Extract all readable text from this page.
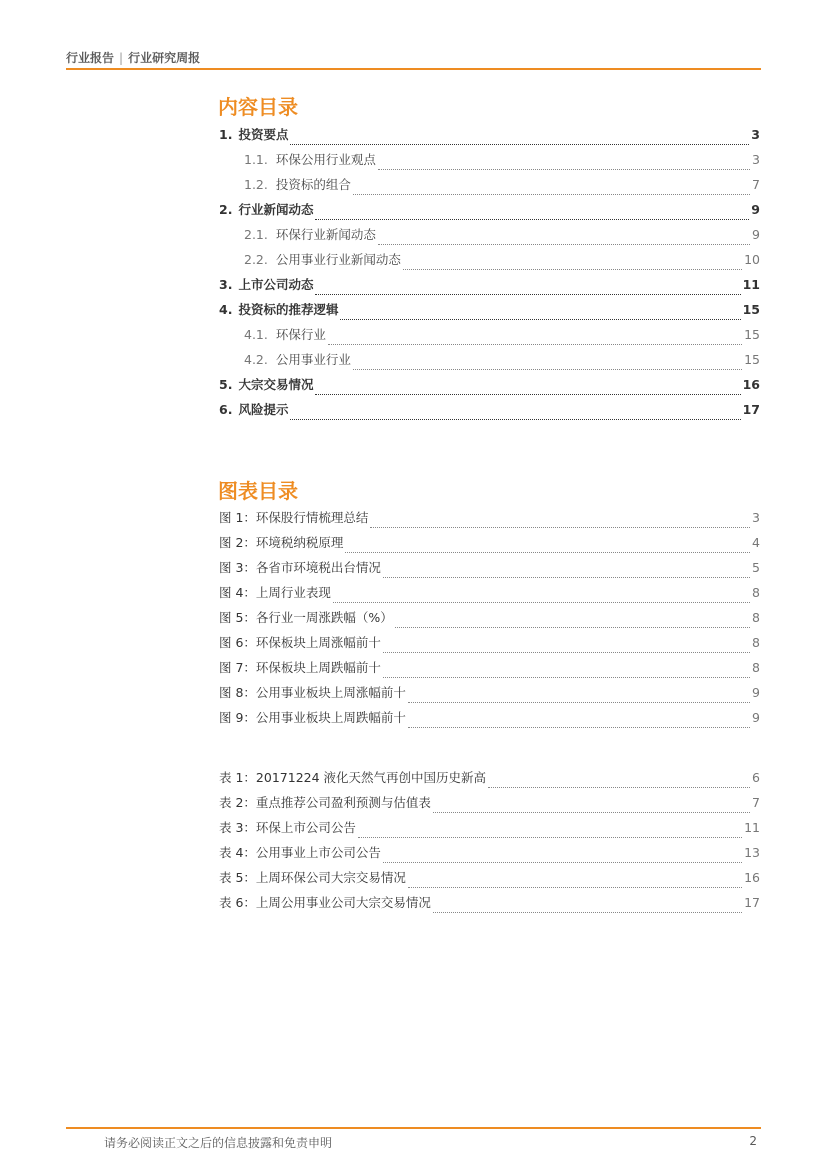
行业报告 | 行业研究周报
内容目录
1. 投资要点	3
1.1. 环保公用行业观点	3
1.2. 投资标的组合	7
2. 行业新闻动态	9
2.1. 环保行业新闻动态	9
2.2. 公用事业行业新闻动态	10
3. 上市公司动态	11
4. 投资标的推荐逻辑	15
4.1. 环保行业	15
4.2. 公用事业行业	15
5. 大宗交易情况	16
6. 风险提示	17
图表目录
图 1：环保股行情梳理总结	3
图 2：环境税纳税原理	4
图 3：各省市环境税出台情况	5
图 4：上周行业表现	8
图 5：各行业一周涨跌幅（%）	8
图 6：环保板块上周涨幅前十	8
图 7：环保板块上周跌幅前十	8
图 8：公用事业板块上周涨幅前十	9
图 9：公用事业板块上周跌幅前十	9
表 1：20171224 液化天然气再创中国历史新高	6
表 2：重点推荐公司盈利预测与估值表	7
表 3：环保上市公司公告	11
表 4：公用事业上市公司公告	13
表 5：上周环保公司大宗交易情况	16
表 6：上周公用事业公司大宗交易情况	17
请务必阅读正文之后的信息披露和免责申明	2
